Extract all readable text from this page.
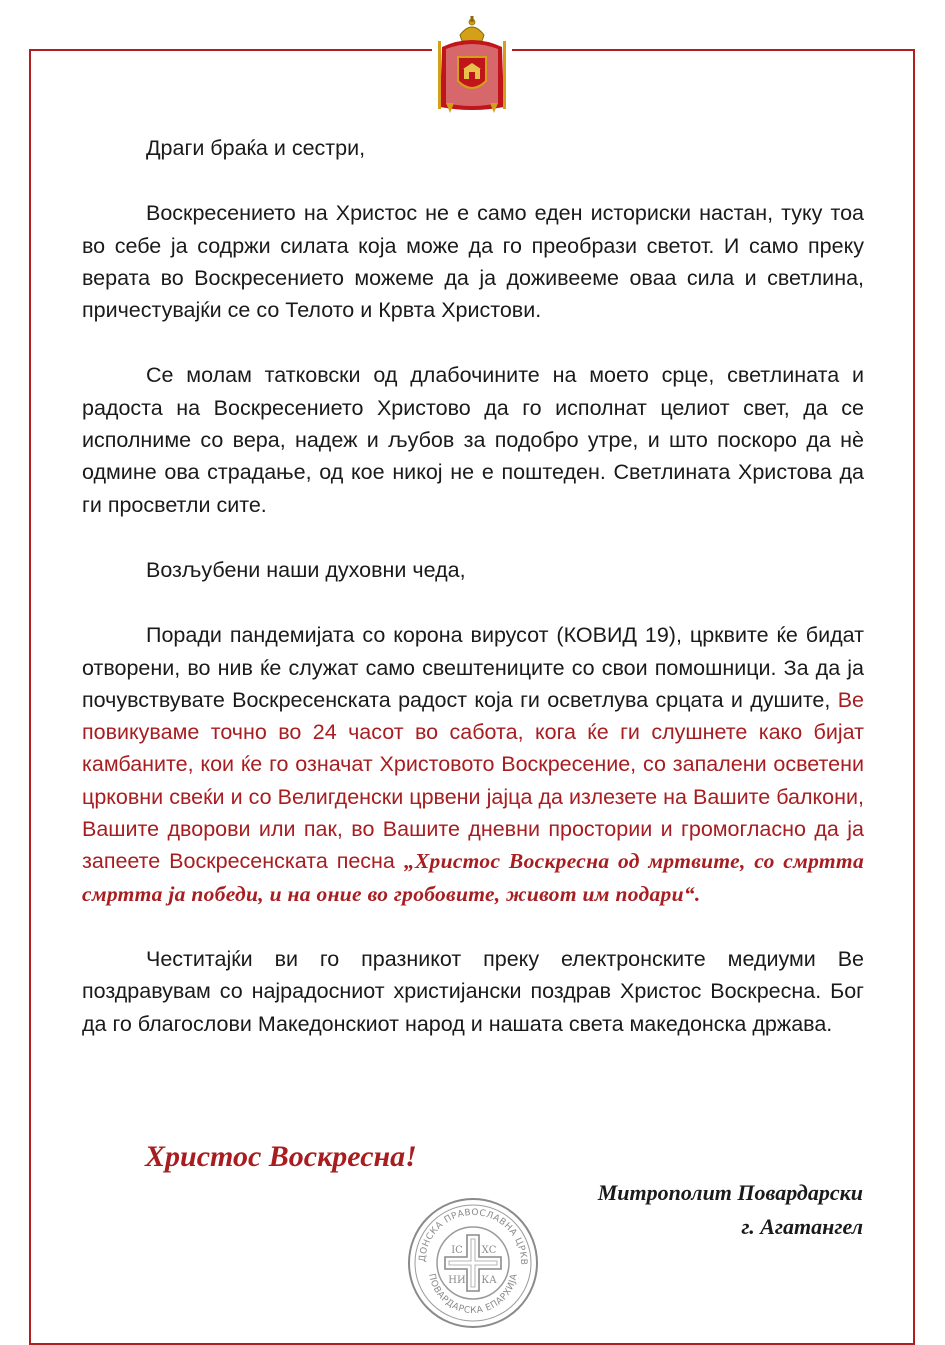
Драги браќа и сестри,

Воскресението на Христос не е само еден историски настан, туку тоа во себе ја содржи силата која може да го преобрази светот. И само преку верата во Воскресението можеме да ја доживееме оваа сила и светлина, причестувајќи се со Телото и Крвта Христови.

Се молам татковски од длабочините на моето срце, светлината и радоста на Воскресението Христово да го исполнат целиот свет, да се исполниме со вера, надеж и љубов за подобро утре, и што поскоро да нѐ одмине ова страдање, од кое никој не е поштеден. Светлината Христова да ги просветли сите.

Возљубени наши духовни чеда,

Поради пандемијата со корона вирусот (КОВИД 19), црквите ќе бидат отворени, во нив ќе служат само свештениците со свои помошници. За да ја почувствувате Воскресенската радост која ги осветлува срцата и душите, Ве повикуваме точно во 24 часот во сабота, кога ќе ги слушнете како бијат камбаните, кои ќе го означат Христовото Воскресение, со запалени осветени црковни свеќи и со Велигденски црвени јајца да излезете на Вашите балкони, Вашите дворови или пак, во Вашите дневни простории и громогласно да ја запеете Воскресенската песна „Христос Воскресна од мртвите, со смртта смртта ја победи, и на оние во гробовите, живот им подари“.

Честитајќи ви го празникот преку електронските медиуми Ве поздравувам со најрадосниот христијански поздрав Христос Воскресна. Бог да го благослови Македонскиот народ и нашата света македонска држава.

Христос Воскресна!
Митрополит Повардарски
г. Агатангел
ДОНСКА ПРАВОСЛАВНА ЦРКВ
ПОВАРДАРСКА ЕПАРХИЈА
IС ХС
НИ КА
